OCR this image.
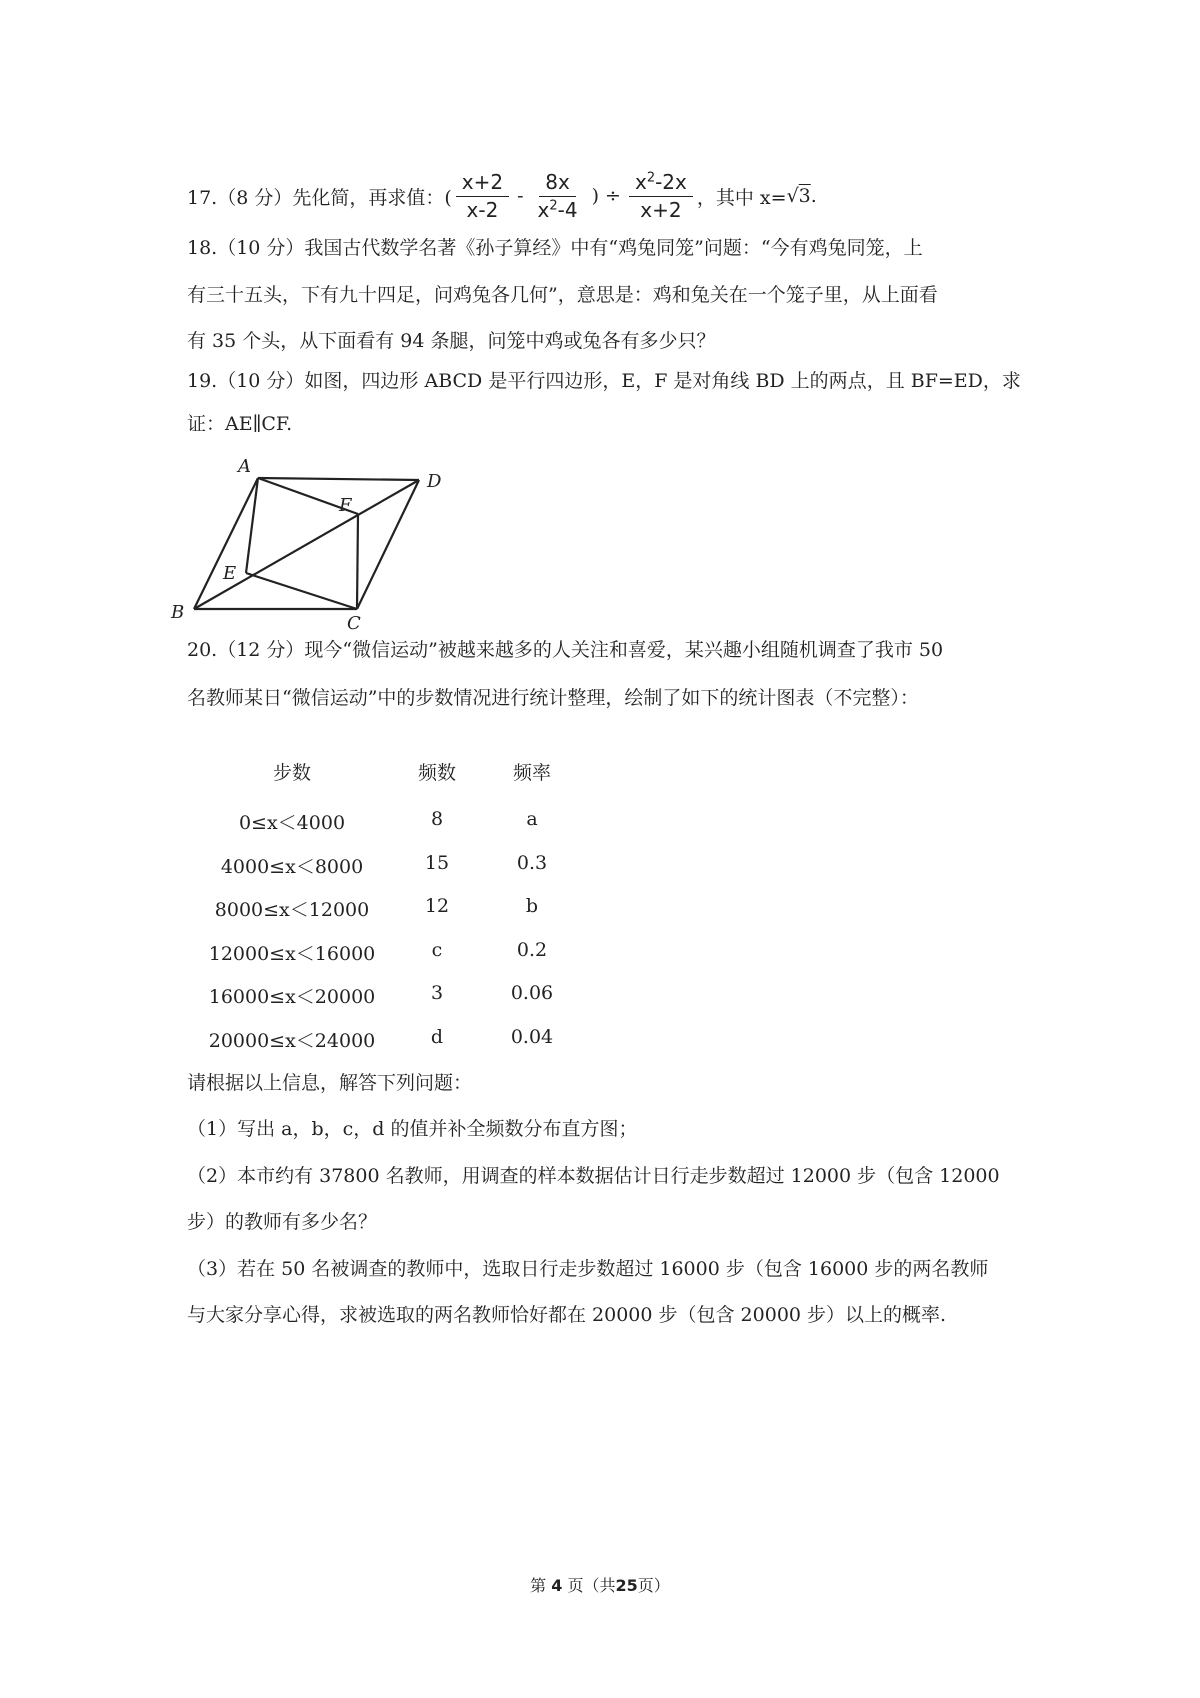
17.（8 分）先化简，再求值：( $\frac{x+2}{x-2} - \frac{8x}{x^2-4}$ ) ÷ $\frac{x^2-2x}{x+2}$ ，其中 x= √ 3 .
18.（10 分）我国古代数学名著《孙子算经》中有“鸡兔同笼”问题：“今有鸡兔同笼，上
有三十五头，下有九十四足，问鸡兔各几何”，意思是：鸡和兔关在一个笼子里，从上面看
有 35 个头，从下面看有 94 条腿，问笼中鸡或兔各有多少只？
19.（10 分）如图，四边形 ABCD 是平行四边形，E，F 是对角线 BD 上的两点，且 BF=ED，求
证：AE∥CF.
A
B
C
D
E
F
20.（12 分）现今“微信运动”被越来越多的人关注和喜爱，某兴趣小组随机调查了我市 50
名教师某日“微信运动”中的步数情况进行统计整理，绘制了如下的统计图表（不完整）：
步数	频数	频率
0≤x＜4000	8	a
4000≤x＜8000	15	0.3
8000≤x＜12000	12	b
12000≤x＜16000	c	0.2
16000≤x＜20000	3	0.06
20000≤x＜24000	d	0.04
请根据以上信息，解答下列问题：
（1）写出 a，b，c，d 的值并补全频数分布直方图；
（2）本市约有 37800 名教师，用调查的样本数据估计日行走步数超过 12000 步（包含 12000
步）的教师有多少名？
（3）若在 50 名被调查的教师中，选取日行走步数超过 16000 步（包含 16000 步的两名教师
与大家分享心得，求被选取的两名教师恰好都在 20000 步（包含 20000 步）以上的概率.
第 4 页（共25页）
